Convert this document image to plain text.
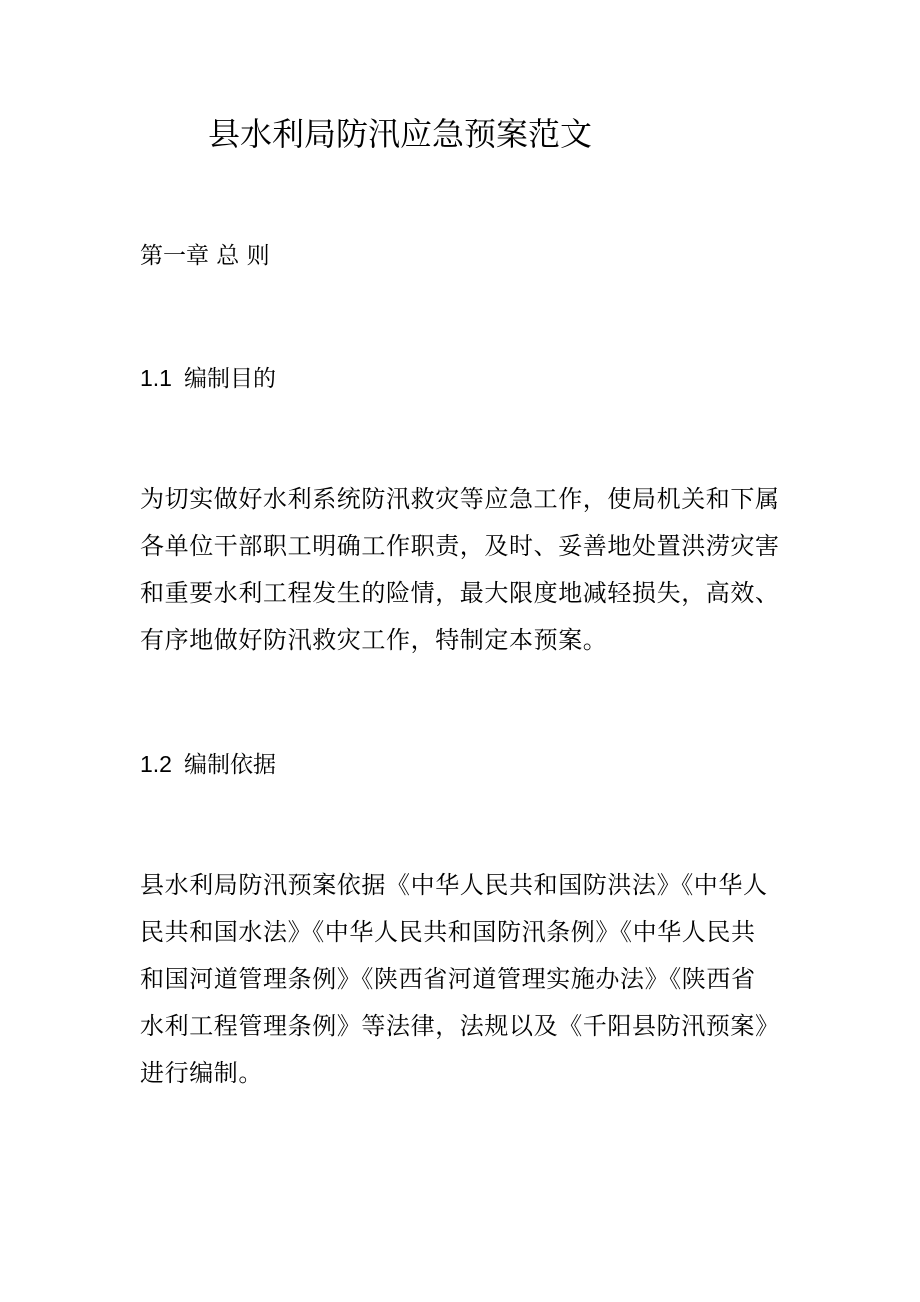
县水利局防汛应急预案范文
第一章 总 则
1.1 编制目的
为切实做好水利系统防汛救灾等应急工作，使局机关和下属
各单位干部职工明确工作职责，及时、妥善地处置洪涝灾害
和重要水利工程发生的险情，最大限度地减轻损失，高效、
有序地做好防汛救灾工作，特制定本预案。
1.2 编制依据
县水利局防汛预案依据《中华人民共和国防洪法》《中华人
民共和国水法》《中华人民共和国防汛条例》《中华人民共
和国河道管理条例》《陕西省河道管理实施办法》《陕西省
水利工程管理条例》等法律，法规以及《千阳县防汛预案》
进行编制。
